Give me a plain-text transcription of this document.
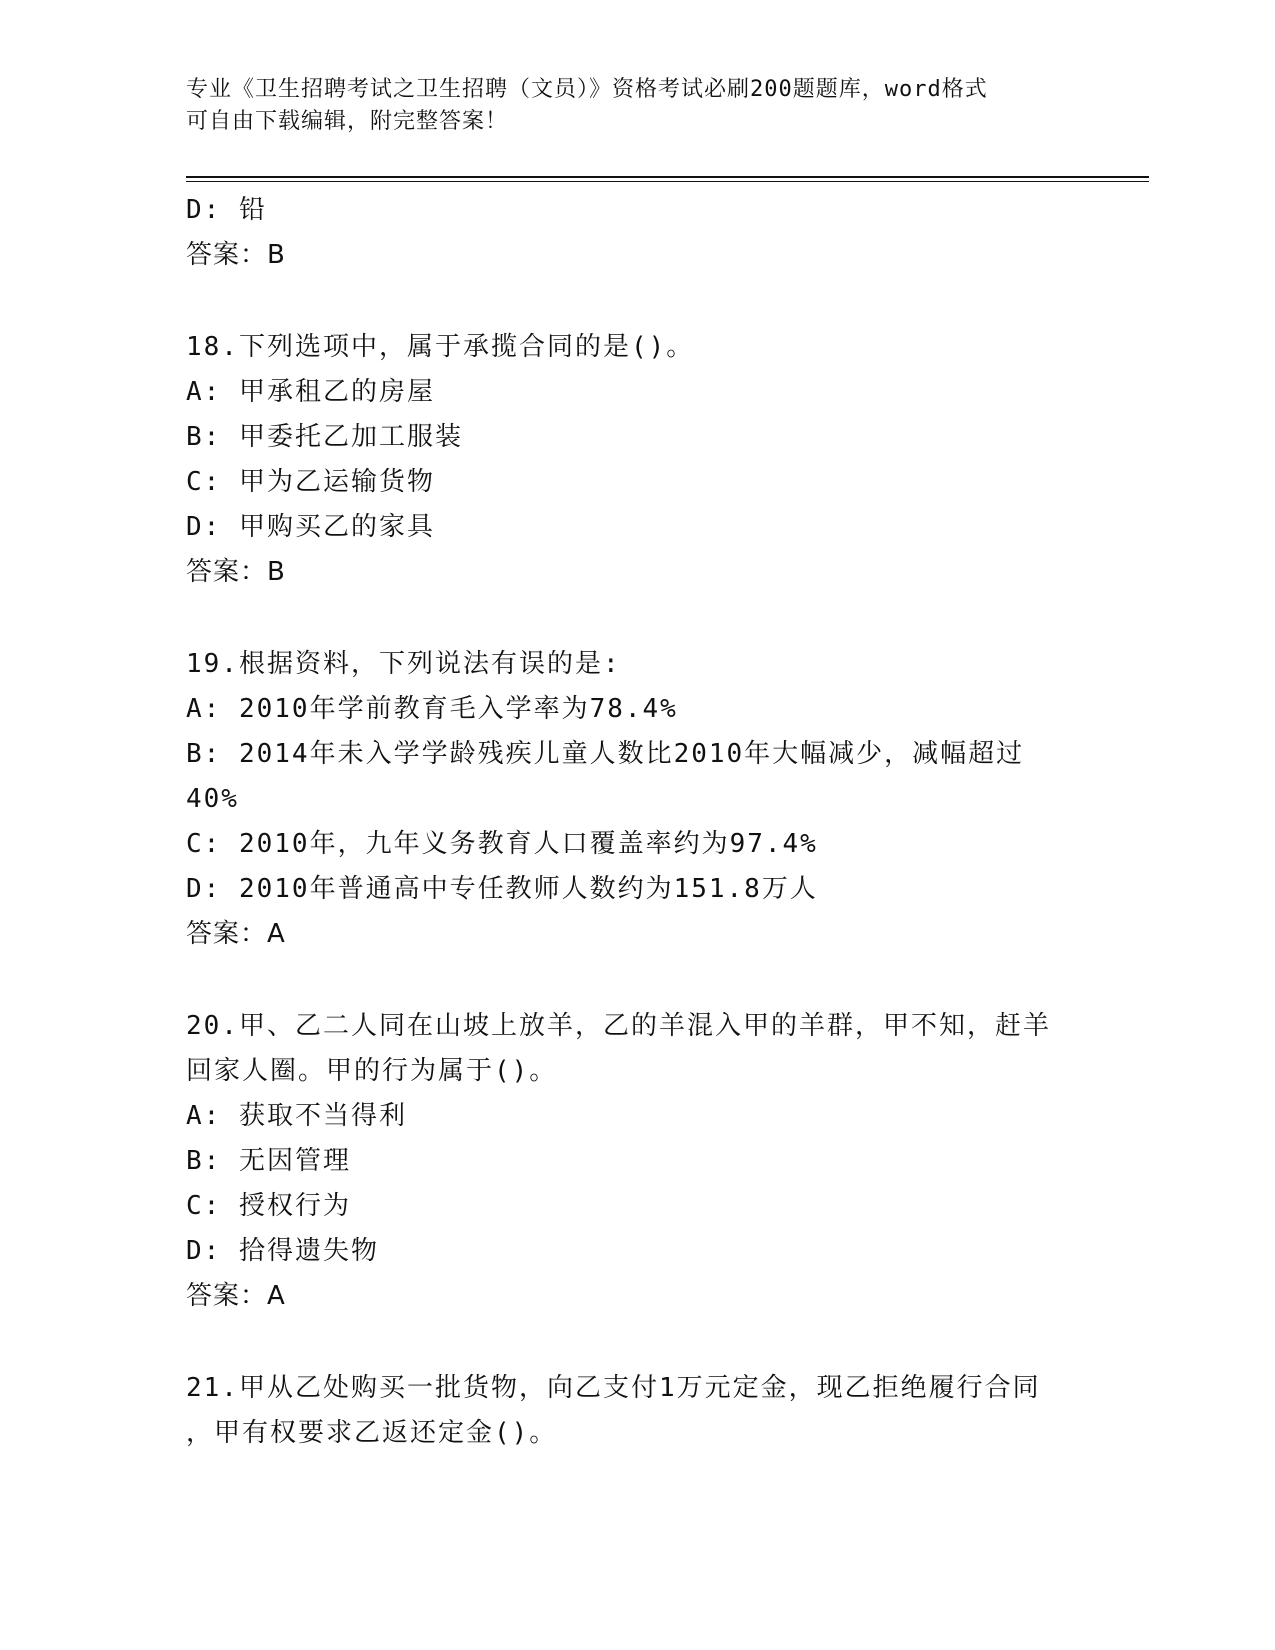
专业《卫生招聘考试之卫生招聘（文员）》资格考试必刷200题题库，word格式
可自由下载编辑，附完整答案！
D: 铅
答案：B
18.下列选项中，属于承揽合同的是()。
A: 甲承租乙的房屋
B: 甲委托乙加工服装
C: 甲为乙运输货物
D: 甲购买乙的家具
答案：B
19.根据资料，下列说法有误的是:
A: 2010年学前教育毛入学率为78.4%
B: 2014年未入学学龄残疾儿童人数比2010年大幅减少，减幅超过
40%
C: 2010年，九年义务教育人口覆盖率约为97.4%
D: 2010年普通高中专任教师人数约为151.8万人
答案：A
20.甲、乙二人同在山坡上放羊，乙的羊混入甲的羊群，甲不知，赶羊
回家人圈。甲的行为属于()。
A: 获取不当得利
B: 无因管理
C: 授权行为
D: 拾得遗失物
答案：A
21.甲从乙处购买一批货物，向乙支付1万元定金，现乙拒绝履行合同
，甲有权要求乙返还定金()。
